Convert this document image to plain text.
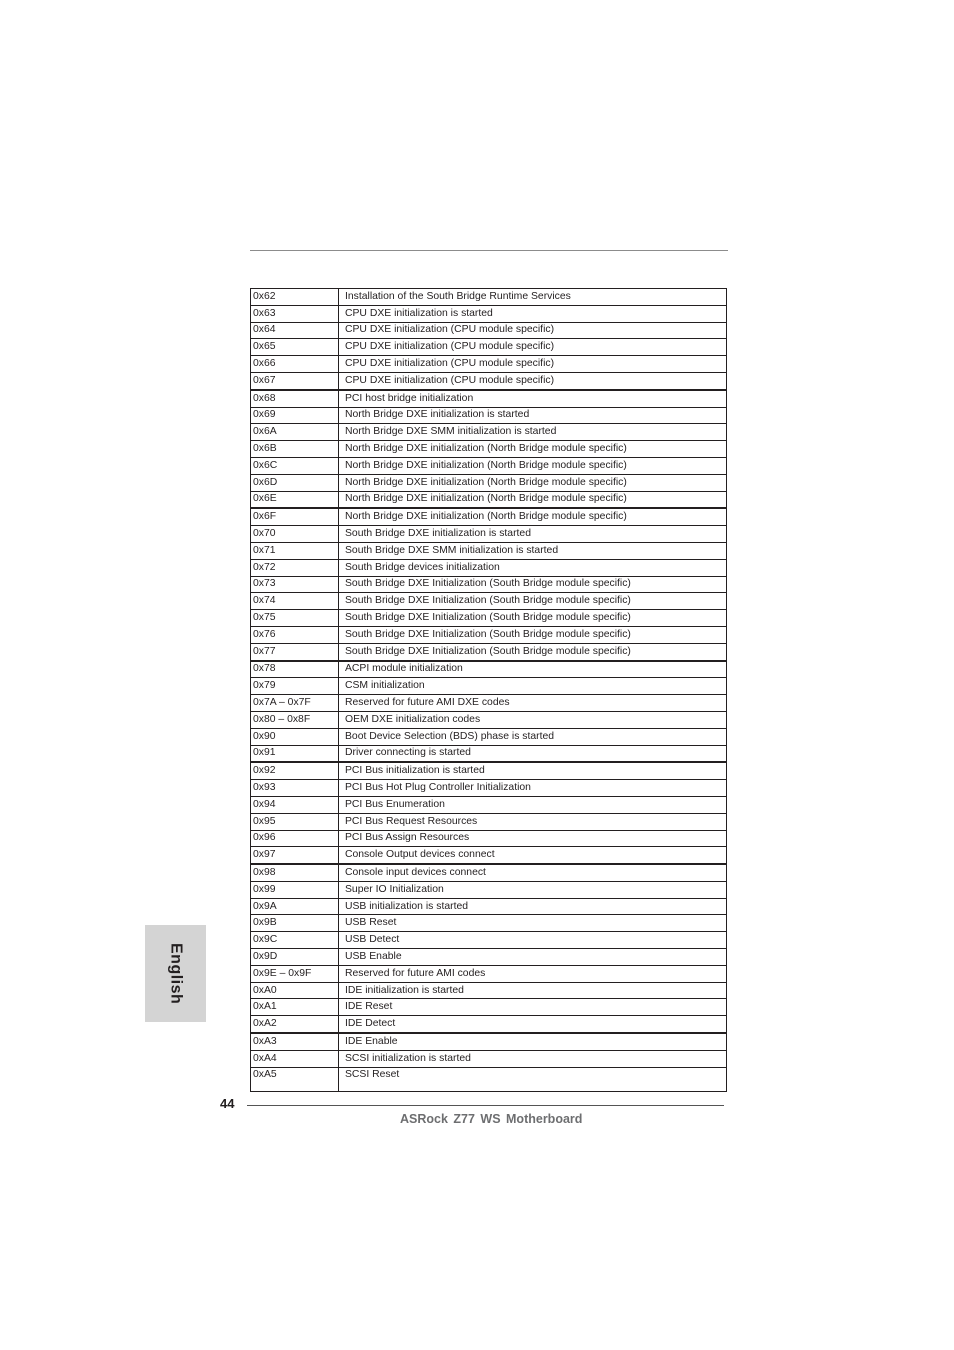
0x62	Installation of the South Bridge Runtime Services
0x63	CPU DXE initialization is started
0x64	CPU DXE initialization (CPU module specific)
0x65	CPU DXE initialization (CPU module specific)
0x66	CPU DXE initialization (CPU module specific)
0x67	CPU DXE initialization (CPU module specific)
0x68	PCI host bridge initialization
0x69	North Bridge DXE initialization is started
0x6A	North Bridge DXE SMM initialization is started
0x6B	North Bridge DXE initialization (North Bridge module specific)
0x6C	North Bridge DXE initialization (North Bridge module specific)
0x6D	North Bridge DXE initialization (North Bridge module specific)
0x6E	North Bridge DXE initialization (North Bridge module specific)
0x6F	North Bridge DXE initialization (North Bridge module specific)
0x70	South Bridge DXE initialization is started
0x71	South Bridge DXE SMM initialization is started
0x72	South Bridge devices initialization
0x73	South Bridge DXE Initialization (South Bridge module specific)
0x74	South Bridge DXE Initialization (South Bridge module specific)
0x75	South Bridge DXE Initialization (South Bridge module specific)
0x76	South Bridge DXE Initialization (South Bridge module specific)
0x77	South Bridge DXE Initialization (South Bridge module specific)
0x78	ACPI module initialization
0x79	CSM initialization
0x7A – 0x7F	Reserved for future AMI DXE codes
0x80 – 0x8F	OEM DXE initialization codes
0x90	Boot Device Selection (BDS) phase is started
0x91	Driver connecting is started
0x92	PCI Bus initialization is started
0x93	PCI Bus Hot Plug Controller Initialization
0x94	PCI Bus Enumeration
0x95	PCI Bus Request Resources
0x96	PCI Bus Assign Resources
0x97	Console Output devices connect
0x98	Console input devices connect
0x99	Super IO Initialization
0x9A	USB initialization is started
0x9B	USB Reset
0x9C	USB Detect
0x9D	USB Enable
0x9E – 0x9F	Reserved for future AMI codes
0xA0	IDE initialization is started
0xA1	IDE Reset
0xA2	IDE Detect
0xA3	IDE Enable
0xA4	SCSI initialization is started
0xA5	SCSI Reset
English
44
ASRock Z77 WS Motherboard
